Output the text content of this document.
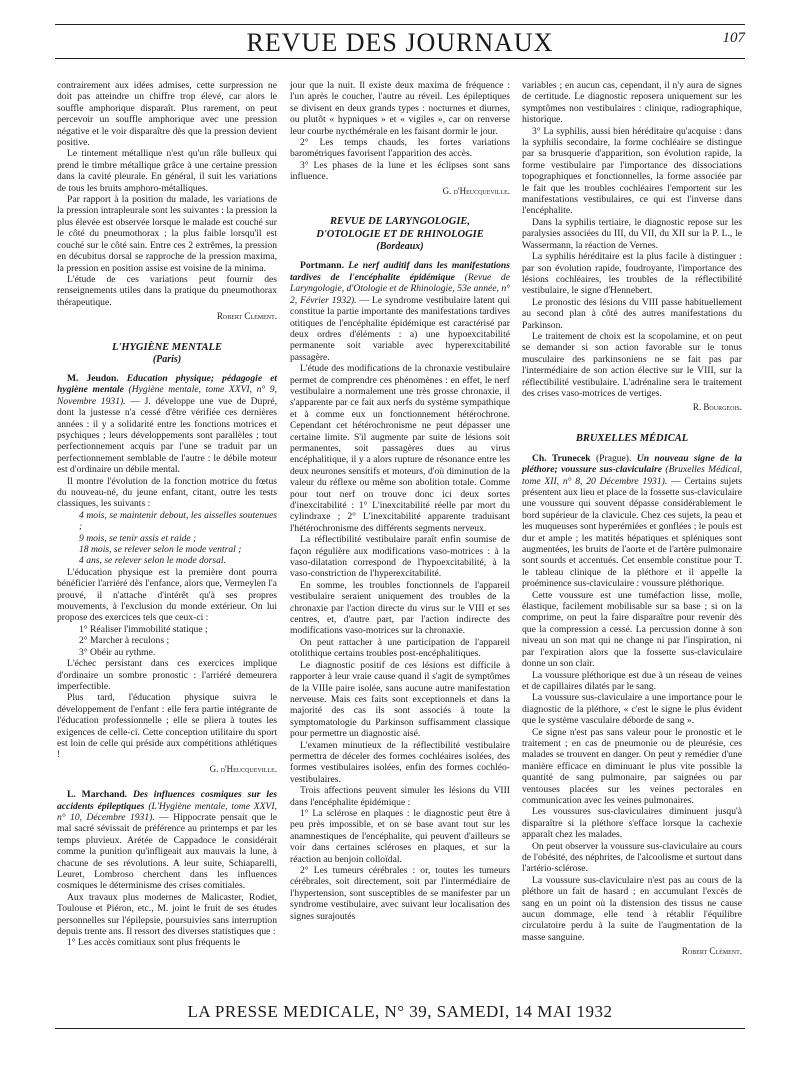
REVUE DES JOURNAUX	107

contrairement aux idées admises, cette surpression ne doit pas atteindre un chiffre trop élevé, car alors le souffle amphorique disparaît. Plus rarement, on peut percevoir un souffle amphorique avec une pression négative et le voir disparaître dès que la pression devient positive.

Le tintement métallique n'est qu'un râle bulleux qui prend le timbre métallique grâce à une certaine pression dans la cavité pleurale. En général, il suit les variations de tous les bruits amphoro-métalliques.

Par rapport à la position du malade, les variations de la pression intrapleurale sont les suivantes : la pression la plus élevée est observée lorsque le malade est couché sur le côté du pneumothorax ; la plus faible lorsqu'il est couché sur le côté sain. Entre ces 2 extrêmes, la pression en décubitus dorsal se rapproche de la pression maxima, la pression en position assise est voisine de la minima.

L'étude de ces variations peut fournir des renseignements utiles dans la pratique du pneumothorax thérapeutique.

Robert Clément.

L'HYGIÈNE MENTALE
(Paris)

M. Jeudon. Education physique; pédagogie et hygiène mentale (Hygiène mentale, tome XXVI, n° 9, Novembre 1931). — J. développe une vue de Dupré, dont la justesse n'a cessé d'être vérifiée ces dernières années : il y a solidarité entre les fonctions motrices et psychiques ; leurs développements sont parallèles ; tout perfectionnement acquis par l'une se traduit par un perfectionnement semblable de l'autre : le débile moteur est d'ordinaire un débile mental.

Il montre l'évolution de la fonction motrice du fœtus du nouveau-né, du jeune enfant, citant, outre les tests classiques, les suivants :

4 mois, se maintenir debout, les aisselles soutenues ;

9 mois, se tenir assis et raide ;

18 mois, se relever selon le mode ventral ;

4 ans, se relever selon le mode dorsal.

L'éducation physique est la première dont pourra bénéficier l'arriéré dès l'enfance, alors que, Vermeylen l'a prouvé, il n'attache d'intérêt qu'à ses propres mouvements, à l'exclusion du monde extérieur. On lui propose des exercices tels que ceux-ci :

1° Réaliser l'immobilité statique ;

2° Marcher à reculons ;

3° Obéir au rythme.

L'échec persistant dans ces exercices implique d'ordinaire un sombre pronostic : l'arriéré demeurera imperfectible.

Plus tard, l'éducation physique suivra le développement de l'enfant : elle fera partie intégrante de l'éducation professionnelle ; elle se pliera à toutes les exigences de celle-ci. Cette conception utilitaire du sport est loin de celle qui préside aux compétitions athlétiques !

G. d'Heucqueville.

L. Marchand. Des influences cosmiques sur les accidents épileptiques (L'Hygiène mentale, tome XXVI, n° 10, Décembre 1931). — Hippocrate pensait que le mal sacré sévissait de préférence au printemps et par les temps pluvieux. Arétée de Cappadoce le considérait comme la punition qu'infligeait aux mauvais la lune, à chacune de ses révolutions. A leur suite, Schiaparelli, Leuret, Lombroso cherchent dans les influences cosmiques le déterminisme des crises comitiales.

Aux travaux plus modernes de Malicaster, Rodiet, Toulouse et Piéron, etc., M. joint le fruit de ses études personnelles sur l'épilepsie, poursuivies sans interruption depuis trente ans. Il ressort des diverses statistiques que :

1° Les accès comitiaux sont plus fréquents le

jour que la nuit. Il existe deux maxima de fréquence : l'un après le coucher, l'autre au réveil. Les épileptiques se divisent en deux grands types : nocturnes et diurnes, ou plutôt « hypniques » et « vigiles », car on renverse leur courbe nycthémérale en les faisant dormir le jour.

2° Les temps chauds, les fortes variations barométriques favorisent l'apparition des accès.

3° Les phases de la lune et les éclipses sont sans influence.

G. d'Heucqueville.

REVUE DE LARYNGOLOGIE,
D'OTOLOGIE ET DE RHINOLOGIE
(Bordeaux)

Portmann. Le nerf auditif dans les manifestations tardives de l'encéphalite épidémique (Revue de Laryngologie, d'Otologie et de Rhinologie, 53e année, n° 2, Février 1932). — Le syndrome vestibulaire latent qui constitue la partie importante des manifestations tardives otitiques de l'encéphalite épidémique est caractérisé par deux ordres d'éléments : a) une hypoexcitabilité permanente soit variable avec hyperexcitabilité passagère.

L'étude des modifications de la chronaxie vestibulaire permet de comprendre ces phénomènes : en effet, le nerf vestibulaire a normalement une très grosse chronaxie, il s'apparente par ce fait aux nerfs du système sympathique et à comme eux un fonctionnement hétérochrone. Cependant cet hétérochronisme ne peut dépasser une certaine limite. S'il augmente par suite de lésions soit permanentes, soit passagères dues au virus encéphalitique, il y a alors rupture de résonance entre les deux neurones sensitifs et moteurs, d'où diminution de la valeur du réflexe ou même son abolition totale. Comme pour tout nerf on trouve donc ici deux sortes d'inexcitabilité : 1° L'inexcitabilité réelle par mort du cylindraxe ; 2° L'inexcitabilité apparente traduisant l'hétérochronisme des différents segments nerveux.

La réflectibilité vestibulaire paraît enfin soumise de façon régulière aux modifications vaso-motrices : à la vaso-dilatation correspond de l'hypoexcitabilité, à la vaso-constriction de l'hyperexcitabilité.

En somme, les troubles fonctionnels de l'appareil vestibulaire seraient uniquement des troubles de la chronaxie par l'action directe du virus sur le VIII et ses centres, et, d'autre part, par l'action indirecte des modifications vaso-motrices sur la chronaxie.

On peut rattacher à une participation de l'appareil otolithique certains troubles post-encéphalitiques.

Le diagnostic positif de ces lésions est difficile à rapporter à leur vraie cause quand il s'agit de symptômes de la VIIIe paire isolée, sans aucune autre manifestation nerveuse. Mais ces faits sont exceptionnels et dans la majorité des cas ils sont associés à toute la symptomatologie du Parkinson suffisamment classique pour permettre un diagnostic aisé.

L'examen minutieux de la réflectibilité vestibulaire permettra de déceler des formes cochléaires isolées, des formes vestibulaires isolées, enfin des formes cochléo-vestibulaires.

Trois affections peuvent simuler les lésions du VIII dans l'encéphalite épidémique :

1° La sclérose en plaques : le diagnostic peut être à peu près impossible, et on se base avant tout sur les anamnestiques de l'encéphalite, qui peuvent d'ailleurs se voir dans certaines scléroses en plaques, et sur la réaction au benjoin colloïdal.

2° Les tumeurs cérébrales : or, toutes les tumeurs cérébrales, soit directement, soit par l'intermédiaire de l'hypertension, sont susceptibles de se manifester par un syndrome vestibulaire, avec suivant leur localisation des signes surajoutés

variables ; en aucun cas, cependant, il n'y aura de signes de certitude. Le diagnostic reposera uniquement sur les symptômes non vestibulaires : clinique, radiographique, historique.

3° La syphilis, aussi bien héréditaire qu'acquise : dans la syphilis secondaire, la forme cochléaire se distingue par sa brusquerie d'apparition, son évolution rapide, la forme vestibulaire par l'importance des dissociations topographiques et fonctionnelles, la forme associée par le fait que les troubles cochléaires l'emportent sur les manifestations vestibulaires, ce qui est l'inverse dans l'encéphalite.

Dans la syphilis tertiaire, le diagnostic repose sur les paralysies associées du III, du VII, du XII sur la P. L., le Wassermann, la réaction de Vernes.

La syphilis héréditaire est la plus facile à distinguer : par son évolution rapide, foudroyante, l'importance des lésions cochléaires, les troubles de la réflectibilité vestibulaire, le signe d'Hennebert.

Le pronostic des lésions du VIII passe habituellement au second plan à côté des autres manifestations du Parkinson.

Le traitement de choix est la scopolamine, et on peut se demander si son action favorable sur le tonus musculaire des parkinsoniens ne se fait pas par l'intermédiaire de son action élective sur le VIII, sur la réflectibilité vestibulaire. L'adrénaline sera le traitement des crises vaso-motrices de vertiges.

R. Bourgeois.

BRUXELLES MÉDICAL

Ch. Trunecek (Prague). Un nouveau signe de la pléthore; voussure sus-claviculaire (Bruxelles Médical, tome XII, n° 8, 20 Décembre 1931). — Certains sujets présentent aux lieu et place de la fossette sus-claviculaire une voussure qui souvent dépasse considérablement le bord supérieur de la clavicule. Chez ces sujets, la peau et les muqueuses sont hyperémiées et gonflées ; le pouls est dur et ample ; les matités hépatiques et spléniques sont augmentées, les bruits de l'aorte et de l'artère pulmonaire sont sourds et accentués. Cet ensemble constitue pour T. le tableau clinique de la pléthore et il appelle la proéminence sus-claviculaire : voussure pléthorique.

Cette voussure est une tuméfaction lisse, molle, élastique, facilement mobilisable sur sa base ; si on la comprime, on peut la faire disparaître pour revenir dès que la compression a cessé. La percussion donne à son niveau un son mat qui ne change ni par l'inspiration, ni par l'expiration alors que la fossette sus-claviculaire donne un son clair.

La voussure pléthorique est due à un réseau de veines et de capillaires dilatés par le sang.

La voussure sus-claviculaire a une importance pour le diagnostic de la pléthore, « c'est le signe le plus évident que le système vasculaire déborde de sang ».

Ce signe n'est pas sans valeur pour le pronostic et le traitement ; en cas de pneumonie ou de pleurésie, ces malades se trouvent en danger. On peut y remédier d'une manière efficace en diminuant le plus vite possible la quantité de sang pulmonaire, par saignées ou par ventouses placées sur les veines pectorales en communication avec les veines pulmonaires.

Les voussures sus-claviculaires diminuent jusqu'à disparaître si la pléthore s'efface lorsque la cachexie apparaît chez les malades.

On peut observer la voussure sus-claviculaire au cours de l'obésité, des néphrites, de l'alcoolisme et surtout dans l'artério-sclérose.

La voussure sus-claviculaire n'est pas au cours de la pléthore un fait de hasard ; en accumulant l'excès de sang en un point où la distension des tissus ne cause aucun dommage, elle tend à rétablir l'équilibre circulatoire perdu à la suite de l'augmentation de la masse sanguine.

Robert Clément.

LA PRESSE MEDICALE, N° 39, SAMEDI, 14 MAI 1932
